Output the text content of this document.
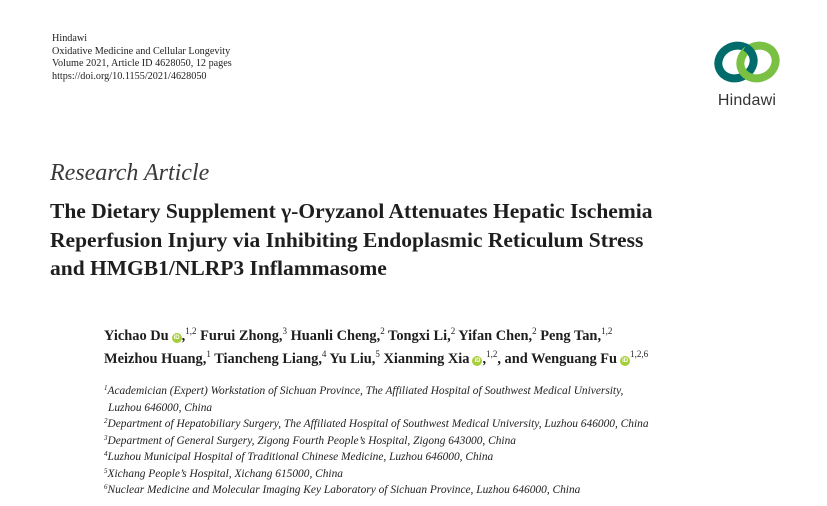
Hindawi
Oxidative Medicine and Cellular Longevity
Volume 2021, Article ID 4628050, 12 pages
https://doi.org/10.1155/2021/4628050
Hindawi
Research Article
The Dietary Supplement γ-Oryzanol Attenuates Hepatic Ischemia
Reperfusion Injury via Inhibiting Endoplasmic Reticulum Stress
and HMGB1/NLRP3 Inflammasome
Yichao Du iD ,$^{1,2}$ Furui Zhong,$^3$ Huanli Cheng,$^2$ Tongxi Li,$^2$ Yifan Chen,$^2$ Peng Tan,$^{1,2}$
Meizhou Huang,$^1$ Tiancheng Liang,$^4$ Yu Liu,$^5$ Xianming Xia iD ,$^{1,2}$, and Wenguang Fu iD$^{1,2,6}$
$^1$Academician (Expert) Workstation of Sichuan Province, The Affiliated Hospital of Southwest Medical University,
Luzhou 646000, China
$^2$Department of Hepatobiliary Surgery, The Affiliated Hospital of Southwest Medical University, Luzhou 646000, China
$^3$Department of General Surgery, Zigong Fourth People’s Hospital, Zigong 643000, China
$^4$Luzhou Municipal Hospital of Traditional Chinese Medicine, Luzhou 646000, China
$^5$Xichang People’s Hospital, Xichang 615000, China
$^6$Nuclear Medicine and Molecular Imaging Key Laboratory of Sichuan Province, Luzhou 646000, China
